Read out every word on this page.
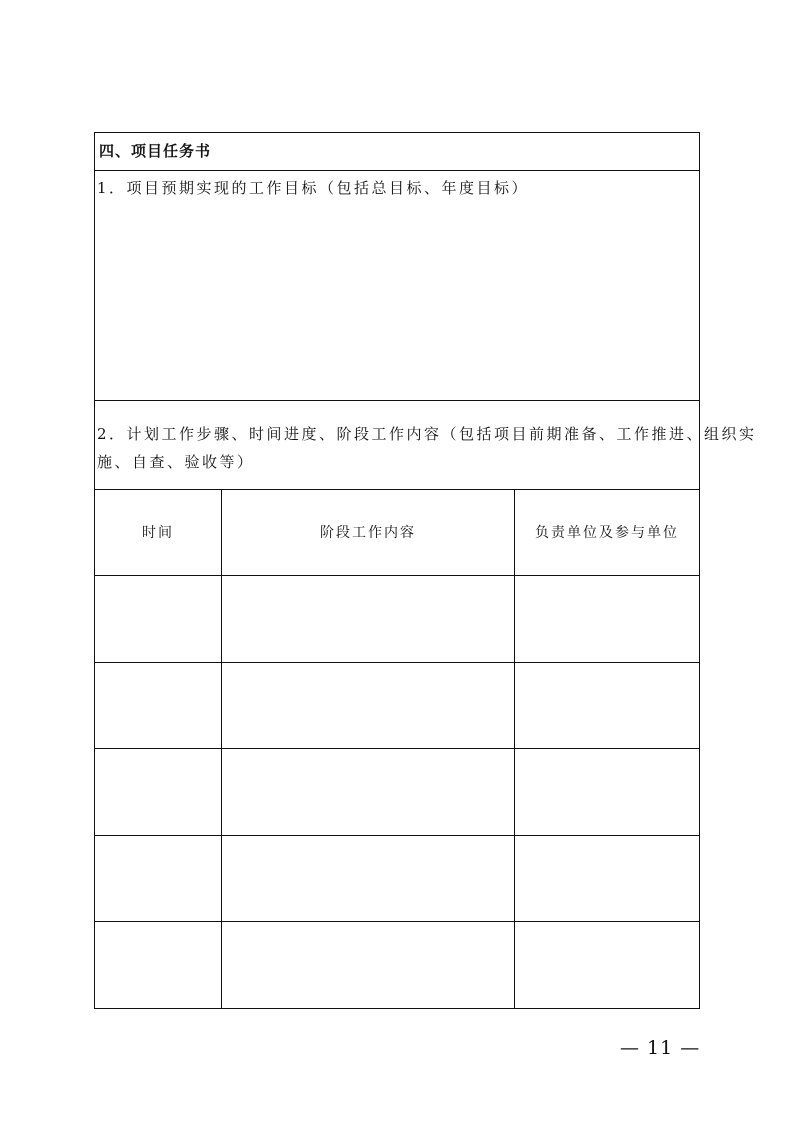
四、项目任务书
1．项目预期实现的工作目标（包括总目标、年度目标）
2．计划工作步骤、时间进度、阶段工作内容（包括项目前期准备、工作推进、组织实
施、自查、验收等）
时间	阶段工作内容	负责单位及参与单位
— 11 —
